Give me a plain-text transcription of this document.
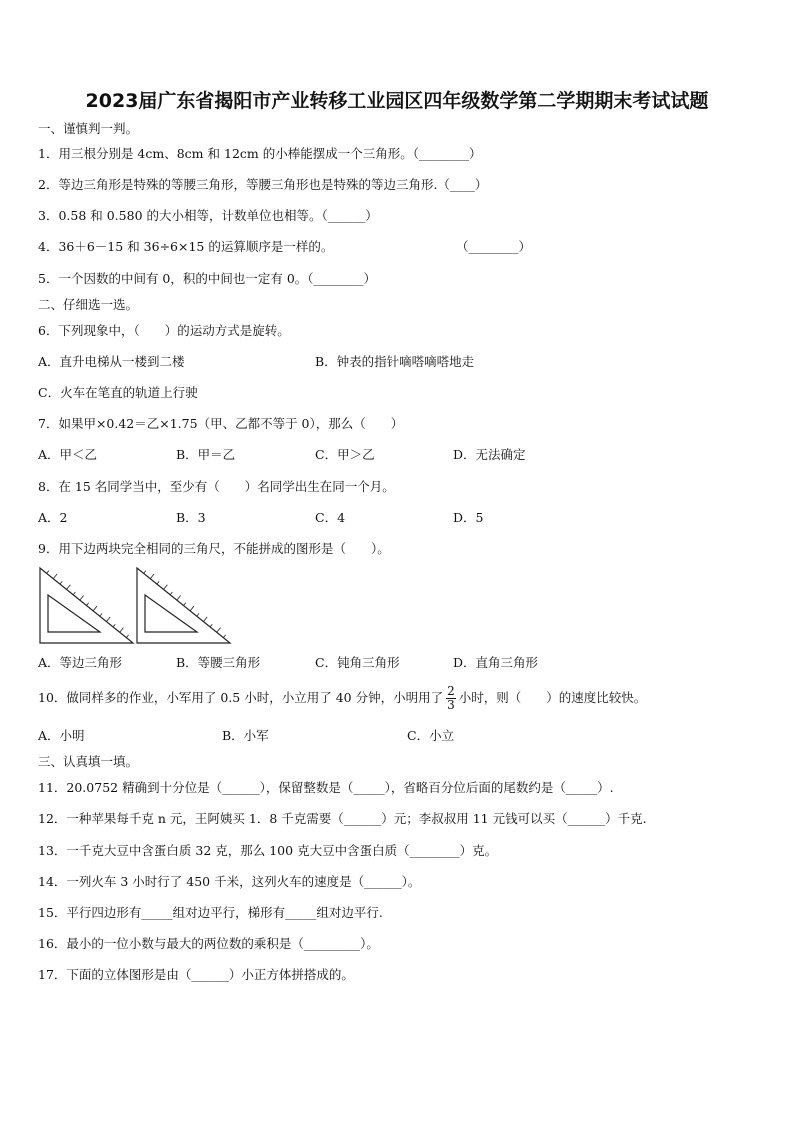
2023届广东省揭阳市产业转移工业园区四年级数学第二学期期末考试试题
一、谨慎判一判。
1．用三根分别是 4cm、8cm 和 12cm 的小棒能摆成一个三角形。（________）
2．等边三角形是特殊的等腰三角形，等腰三角形也是特殊的等边三角形.（____）
3．0.58 和 0.580 的大小相等，计数单位也相等。（______）
4．36＋6－15 和 36÷6×15 的运算顺序是一样的。	（________）
5．一个因数的中间有 0，积的中间也一定有 0。（________）
二、仔细选一选。
6．下列现象中，（　　）的运动方式是旋转。
A．直升电梯从一楼到二楼	B．钟表的指针嘀嗒嘀嗒地走
C．火车在笔直的轨道上行驶
7．如果甲×0.42＝乙×1.75（甲、乙都不等于 0），那么（　　）
A．甲＜乙	B．甲＝乙	C．甲＞乙	D．无法确定
8．在 15 名同学当中，至少有（　　）名同学出生在同一个月。
A．2	B．3	C．4	D．5
9．用下边两块完全相同的三角尺，不能拼成的图形是（　　）。
A．等边三角形	B．等腰三角形	C．钝角三角形	D．直角三角形
10．做同样多的作业，小军用了 0.5 小时，小立用了 40 分钟，小明用了 $\frac{2}{3}$ 小时，则（　　）的速度比较快。
A．小明	B．小军	C．小立
三、认真填一填。
11．20.0752 精确到十分位是（______），保留整数是（_____），省略百分位后面的尾数约是（_____）.
12．一种苹果每千克 n 元，王阿姨买 1．8 千克需要（______）元；李叔叔用 11 元钱可以买（______）千克.
13．一千克大豆中含蛋白质 32 克，那么 100 克大豆中含蛋白质（________）克。
14．一列火车 3 小时行了 450 千米，这列火车的速度是（______）。
15．平行四边形有_____组对边平行，梯形有_____组对边平行.
16．最小的一位小数与最大的两位数的乘积是（_________）。
17．下面的立体图形是由（______）小正方体拼搭成的。
